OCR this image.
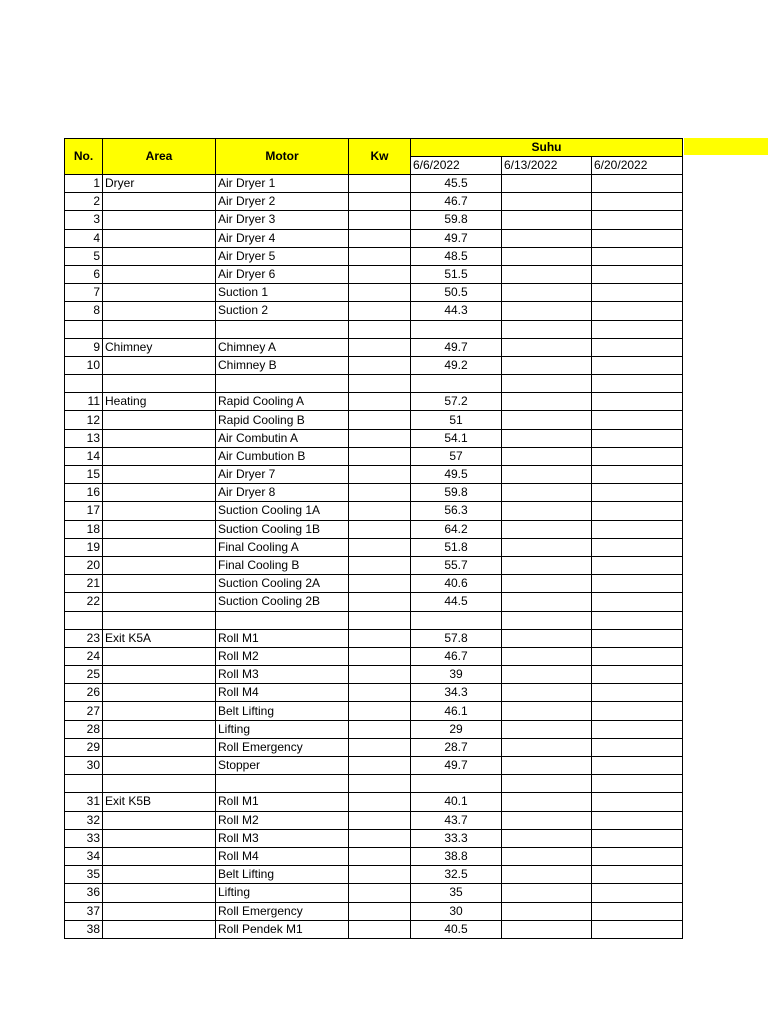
No.	Area	Motor	Kw	Suhu		
				6/6/2022	6/13/2022	6/20/2022
1	Dryer	Air Dryer 1		45.5		
2		Air Dryer 2		46.7		
3		Air Dryer 3		59.8		
4		Air Dryer 4		49.7		
5		Air Dryer 5		48.5		
6		Air Dryer 6		51.5		
7		Suction 1		50.5		
8		Suction 2		44.3		

9	Chimney	Chimney A		49.7		
10		Chimney B		49.2		

11	Heating	Rapid Cooling A		57.2		
12		Rapid Cooling B		51		
13		Air Combutin A		54.1		
14		Air Cumbution B		57		
15		Air Dryer 7		49.5		
16		Air Dryer 8		59.8		
17		Suction Cooling 1A		56.3		
18		Suction Cooling 1B		64.2		
19		Final Cooling A		51.8		
20		Final Cooling B		55.7		
21		Suction Cooling 2A		40.6		
22		Suction Cooling 2B		44.5		

23	Exit K5A	Roll M1		57.8		
24		Roll M2		46.7		
25		Roll M3		39		
26		Roll M4		34.3		
27		Belt Lifting		46.1		
28		Lifting		29		
29		Roll Emergency		28.7		
30		Stopper		49.7		

31	Exit K5B	Roll M1		40.1		
32		Roll M2		43.7		
33		Roll M3		33.3		
34		Roll M4		38.8		
35		Belt Lifting		32.5		
36		Lifting		35		
37		Roll Emergency		30		
38		Roll Pendek M1		40.5		
